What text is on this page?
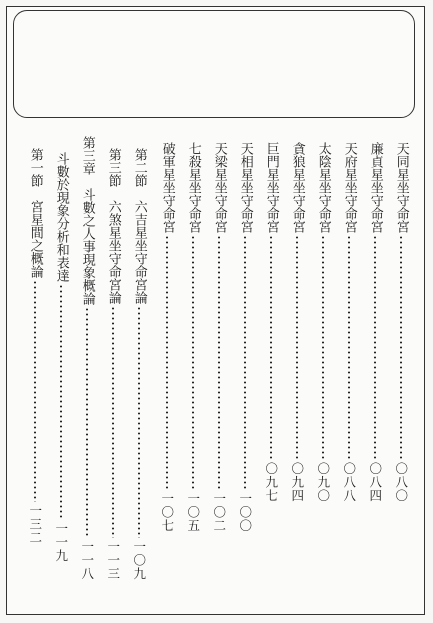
天同星坐守命宮
〇八〇
廉貞星坐守命宮
〇八四
天府星坐守命宮
〇八八
太陰星坐守命宮
〇九〇
貪狼星坐守命宮
〇九四
巨門星坐守命宮
〇九七
天相星坐守命宮
一〇〇
天梁星坐守命宮
一〇二
七殺星坐守命宮
一〇五
破軍星坐守命宮
一〇七
第二節　六吉星坐守命宮論
一〇九
第三節　六煞星坐守命宮論
一一三
第三章　斗數之人事現象概論
一一八
斗數於現象分析和表達
一一九
第一節　宮星間之概論
一三二
